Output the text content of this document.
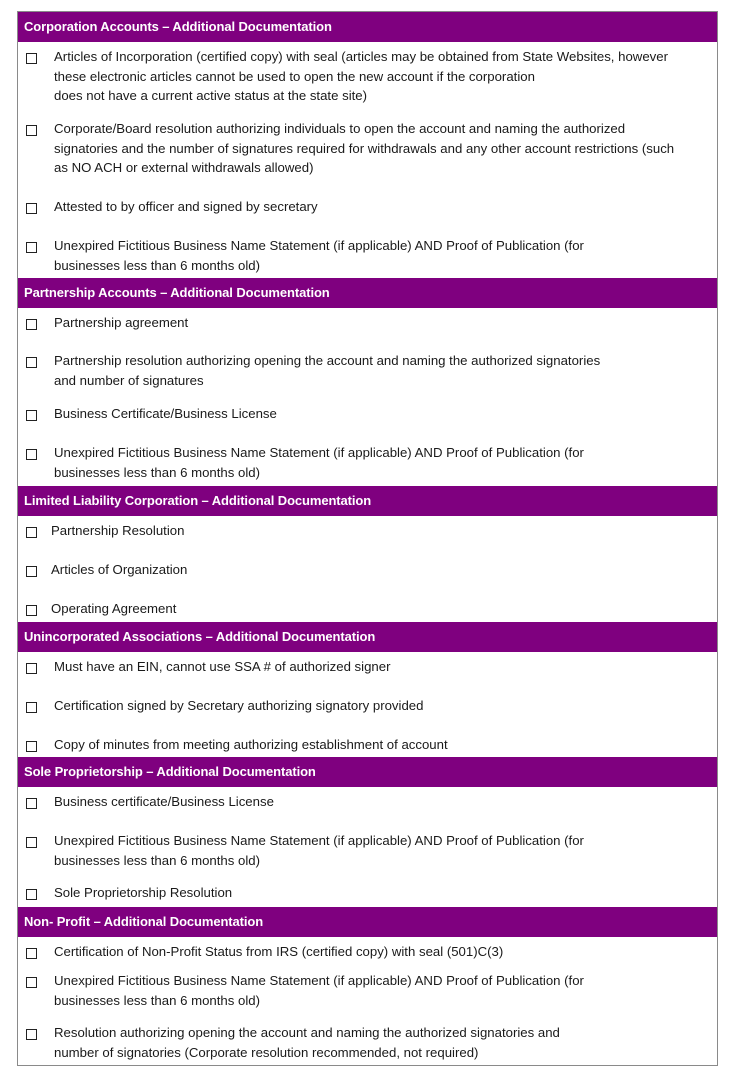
Corporation Accounts – Additional Documentation
Articles of Incorporation (certified copy) with seal (articles may be obtained from State Websites, however
these electronic articles cannot be used to open the new account if the corporation
does not have a current active status at the state site)
Corporate/Board resolution authorizing individuals to open the account and naming the authorized
signatories and the number of signatures required for withdrawals and any other account restrictions (such
as NO ACH or external withdrawals allowed)
Attested to by officer and signed by secretary
Unexpired Fictitious Business Name Statement (if applicable) AND Proof of Publication (for
businesses less than 6 months old)
Partnership Accounts – Additional Documentation
Partnership agreement
Partnership resolution authorizing opening the account and naming the authorized signatories
and number of signatures
Business Certificate/Business License
Unexpired Fictitious Business Name Statement (if applicable) AND Proof of Publication (for
businesses less than 6 months old)
Limited Liability Corporation – Additional Documentation
Partnership Resolution
Articles of Organization
Operating Agreement
Unincorporated Associations – Additional Documentation
Must have an EIN, cannot use SSA # of authorized signer
Certification signed by Secretary authorizing signatory provided
Copy of minutes from meeting authorizing establishment of account
Sole Proprietorship – Additional Documentation
Business certificate/Business License
Unexpired Fictitious Business Name Statement (if applicable) AND Proof of Publication (for
businesses less than 6 months old)
Sole Proprietorship Resolution
Non- Profit – Additional Documentation
Certification of Non-Profit Status from IRS (certified copy) with seal (501)C(3)
Unexpired Fictitious Business Name Statement (if applicable) AND Proof of Publication (for
businesses less than 6 months old)
Resolution authorizing opening the account and naming the authorized signatories and
number of signatories (Corporate resolution recommended, not required)
